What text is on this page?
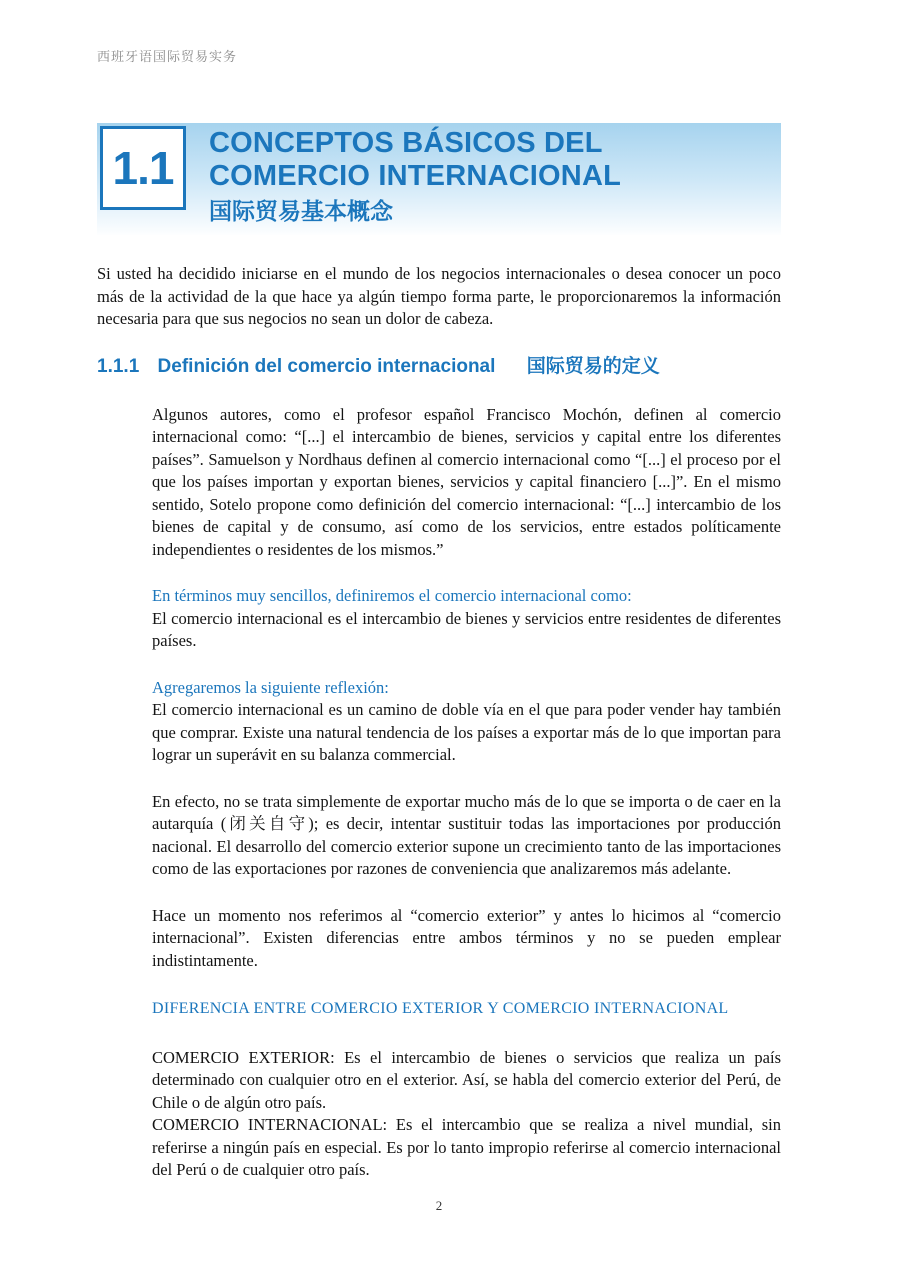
西班牙语国际贸易实务
1.1 CONCEPTOS BÁSICOS DEL
COMERCIO INTERNACIONAL
国际贸易基本概念

Si usted ha decidido iniciarse en el mundo de los negocios internacionales o desea conocer un poco más de la actividad de la que hace ya algún tiempo forma parte, le proporcionaremos la información necesaria para que sus negocios no sean un dolor de cabeza.

1.1.1 Definición del comercio internacional 国际贸易的定义

Algunos autores, como el profesor español Francisco Mochón, definen al comercio internacional como: “[...] el intercambio de bienes, servicios y capital entre los diferentes países”. Samuelson y Nordhaus definen al comercio internacional como “[...] el proceso por el que los países importan y exportan bienes, servicios y capital financiero [...]”. En el mismo sentido, Sotelo propone como definición del comercio internacional: “[...] intercambio de los bienes de capital y de consumo, así como de los servicios, entre estados políticamente independientes o residentes de los mismos.”

En términos muy sencillos, definiremos el comercio internacional como:

El comercio internacional es el intercambio de bienes y servicios entre residentes de diferentes países.

Agregaremos la siguiente reflexión:

El comercio internacional es un camino de doble vía en el que para poder vender hay también que comprar. Existe una natural tendencia de los países a exportar más de lo que importan para lograr un superávit en su balanza commercial.

En efecto, no se trata simplemente de exportar mucho más de lo que se importa o de caer en la autarquía (闭关自守); es decir, intentar sustituir todas las importaciones por producción nacional. El desarrollo del comercio exterior supone un crecimiento tanto de las importaciones como de las exportaciones por razones de conveniencia que analizaremos más adelante.

Hace un momento nos referimos al “comercio exterior” y antes lo hicimos al “comercio internacional”. Existen diferencias entre ambos términos y no se pueden emplear indistintamente.

DIFERENCIA ENTRE COMERCIO EXTERIOR Y COMERCIO INTERNACIONAL

COMERCIO EXTERIOR: Es el intercambio de bienes o servicios que realiza un país determinado con cualquier otro en el exterior. Así, se habla del comercio exterior del Perú, de Chile o de algún otro país.

COMERCIO INTERNACIONAL: Es el intercambio que se realiza a nivel mundial, sin referirse a ningún país en especial. Es por lo tanto impropio referirse al comercio internacional del Perú o de cualquier otro país.

2
